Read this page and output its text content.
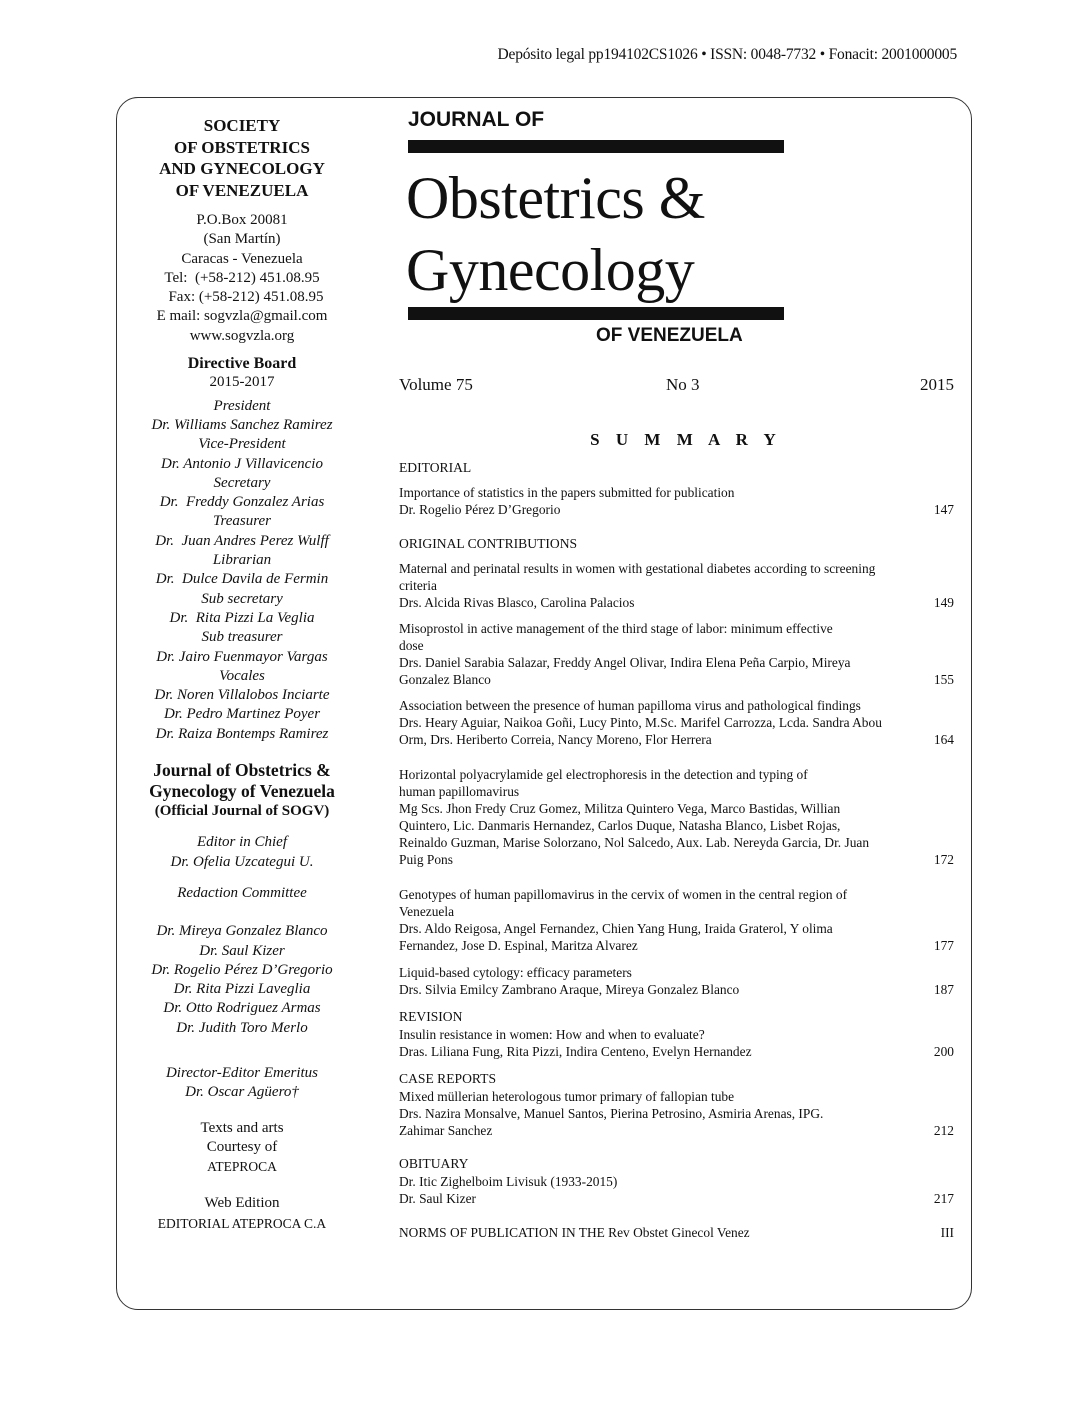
Depósito legal pp194102CS1026 • ISSN: 0048-7732 • Fonacit: 2001000005
SOCIETY
OF OBSTETRICS
AND GYNECOLOGY
OF VENEZUELA
P.O.Box 20081
(San Martín)
Caracas - Venezuela
Tel:  (+58-212) 451.08.95
Fax: (+58-212) 451.08.95
E mail: sogvzla@gmail.com
www.sogvzla.org
Directive Board
2015-2017
President
Dr. Williams Sanchez Ramirez
Vice-President
Dr. Antonio J Villavicencio
Secretary
Dr.  Freddy Gonzalez Arias
Treasurer
Dr.  Juan Andres Perez Wulff
Librarian
Dr.  Dulce Davila de Fermin
Sub secretary
Dr.  Rita Pizzi La Veglia
Sub treasurer
Dr. Jairo Fuenmayor Vargas
Vocales
Dr. Noren Villalobos Inciarte
Dr. Pedro Martinez Poyer
Dr. Raiza Bontemps Ramirez
Journal of Obstetrics &
Gynecology of Venezuela
(Official Journal of SOGV)
Editor in Chief
Dr. Ofelia Uzcategui U.
Redaction Committee
Dr. Mireya Gonzalez Blanco
Dr. Saul Kizer
Dr. Rogelio Pérez D’Gregorio
Dr. Rita Pizzi Laveglia
Dr. Otto Rodriguez Armas
Dr. Judith Toro Merlo
Director-Editor Emeritus
Dr. Oscar Agüero†
Texts and arts
Courtesy of
ATEPROCA
Web Edition
EDITORIAL ATEPROCA C.A
JOURNAL OF
Obstetrics &
Gynecology
OF VENEZUELA
Volume 75	No 3	2015
S U M M A R Y
EDITORIAL
Importance of statistics in the papers submitted for publication
Dr. Rogelio Pérez D’Gregorio	147
ORIGINAL CONTRIBUTIONS
Maternal and perinatal results in women with gestational diabetes according to screening criteria
Drs. Alcida Rivas Blasco, Carolina Palacios	149
Misoprostol in active management of the third stage of labor: minimum effective dose
Drs. Daniel Sarabia Salazar, Freddy Angel Olivar, Indira Elena Peña Carpio, Mireya Gonzalez Blanco	155
Association between the presence of human papilloma virus and pathological findings
Drs. Heary Aguiar, Naikoa Goñi, Lucy Pinto, M.Sc. Marifel Carrozza, Lcda. Sandra Abou Orm, Drs. Heriberto Correia, Nancy Moreno, Flor Herrera	164
Horizontal polyacrylamide gel electrophoresis in the detection and typing of human papillomavirus
Mg Scs. Jhon Fredy Cruz Gomez, Militza Quintero Vega, Marco Bastidas, Willian Quintero, Lic. Danmaris Hernandez, Carlos Duque, Natasha Blanco, Lisbet Rojas, Reinaldo Guzman, Marise Solorzano, Nol Salcedo, Aux. Lab. Nereyda Garcia, Dr. Juan Puig Pons	172
Genotypes of human papillomavirus in the cervix of women in the central region of Venezuela
Drs. Aldo Reigosa, Angel Fernandez, Chien Yang Hung, Iraida Graterol, Y olima Fernandez, Jose D. Espinal, Maritza Alvarez	177
Liquid-based cytology: efficacy parameters
Drs. Silvia Emilcy Zambrano Araque, Mireya Gonzalez Blanco	187
REVISION
Insulin resistance in women: How and when to evaluate?
Dras. Liliana Fung, Rita Pizzi, Indira Centeno, Evelyn Hernandez	200
CASE REPORTS
Mixed müllerian heterologous tumor primary of fallopian tube
Drs. Nazira Monsalve, Manuel Santos, Pierina Petrosino, Asmiria Arenas, IPG. Zahimar Sanchez	212
OBITUARY
Dr. Itic Zighelboim Livisuk (1933-2015)
Dr. Saul Kizer	217
NORMS OF PUBLICATION IN THE Rev Obstet Ginecol Venez	III
